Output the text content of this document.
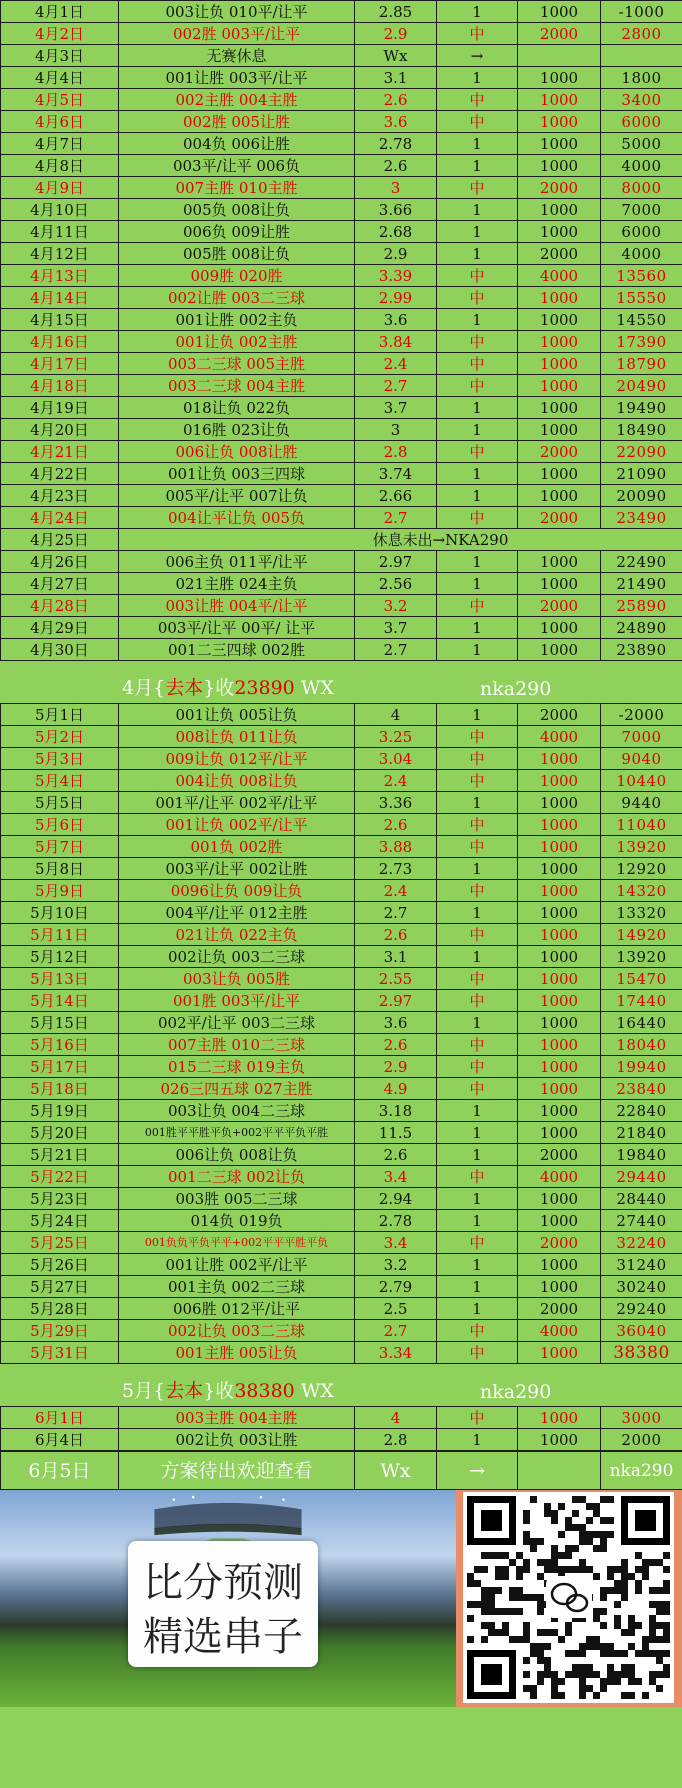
4月1日	003让负 010平/让平	2.85	1	1000	-1000
4月2日	002胜 003平/让平	2.9	中	2000	2800
4月3日	无赛休息	Wx	→		
4月4日	001让胜 003平/让平	3.1	1	1000	1800
4月5日	002主胜 004主胜	2.6	中	1000	3400
4月6日	002胜 005让胜	3.6	中	1000	6000
4月7日	004负 006让胜	2.78	1	1000	5000
4月8日	003平/让平 006负	2.6	1	1000	4000
4月9日	007主胜 010主胜	3	中	2000	8000
4月10日	005负 008让负	3.66	1	1000	7000
4月11日	006负 009让胜	2.68	1	1000	6000
4月12日	005胜 008让负	2.9	1	2000	4000
4月13日	009胜 020胜	3.39	中	4000	13560
4月14日	002让胜 003二三球	2.99	中	1000	15550
4月15日	001让胜 002主负	3.6	1	1000	14550
4月16日	001让负 002主胜	3.84	中	1000	17390
4月17日	003二三球 005主胜	2.4	中	1000	18790
4月18日	003二三球 004主胜	2.7	中	1000	20490
4月19日	018让负 022负	3.7	1	1000	19490
4月20日	016胜 023让负	3	1	1000	18490
4月21日	006让负 008让胜	2.8	中	2000	22090
4月22日	001让负 003三四球	3.74	1	1000	21090
4月23日	005平/让平 007让负	2.66	1	1000	20090
4月24日	004让平让负 005负	2.7	中	2000	23490
4月25日	休息未出→NKA290				
4月26日	006主负 011平/让平	2.97	1	1000	22490
4月27日	021主胜 024主负	2.56	1	1000	21490
4月28日	003让胜 004平/让平	3.2	中	2000	25890
4月29日	003平/让平 00平/ 让平	3.7	1	1000	24890
4月30日	001二三四球 002胜	2.7	1	1000	23890
4月{去本}收23890 WX	nka290
5月1日	001让负 005让负	4	1	2000	-2000
5月2日	008让负 011让负	3.25	中	4000	7000
5月3日	009让负 012平/让平	3.04	中	1000	9040
5月4日	004让负 008让负	2.4	中	1000	10440
5月5日	001平/让平 002平/让平	3.36	1	1000	9440
5月6日	001让负 002平/让平	2.6	中	1000	11040
5月7日	001负 002胜	3.88	中	1000	13920
5月8日	003平/让平 002让胜	2.73	1	1000	12920
5月9日	0096让负 009让负	2.4	中	1000	14320
5月10日	004平/让平 012主胜	2.7	1	1000	13320
5月11日	021让负 022主负	2.6	中	1000	14920
5月12日	002让负 003二三球	3.1	1	1000	13920
5月13日	003让负 005胜	2.55	中	1000	15470
5月14日	001胜 003平/让平	2.97	中	1000	17440
5月15日	002平/让平 003二三球	3.6	1	1000	16440
5月16日	007主胜 010二三球	2.6	中	1000	18040
5月17日	015二三球 019主负	2.9	中	1000	19940
5月18日	026三四五球 027主胜	4.9	中	1000	23840
5月19日	003让负 004二三球	3.18	1	1000	22840
5月20日	001胜平平胜平负+002平平平负平胜	11.5	1	1000	21840
5月21日	006让负 008让负	2.6	1	2000	19840
5月22日	001二三球 002让负	3.4	中	4000	29440
5月23日	003胜 005二三球	2.94	1	1000	28440
5月24日	014负 019负	2.78	1	1000	27440
5月25日	001负负平负平平+002平平平胜平负	3.4	中	2000	32240
5月26日	001让胜 002平/让平	3.2	1	1000	31240
5月27日	001主负 002二三球	2.79	1	1000	30240
5月28日	006胜 012平/让平	2.5	1	2000	29240
5月29日	002让负 003二三球	2.7	中	4000	36040
5月31日	001主胜 005让负	3.34	中	1000	38380
5月{去本}收38380 WX	nka290
6月1日	003主胜 004主胜	4	中	1000	3000
6月4日	002让负 003让胜	2.8	1	1000	2000
6月5日	方案待出欢迎查看	Wx	→		nka290
比分预测
精选串子
